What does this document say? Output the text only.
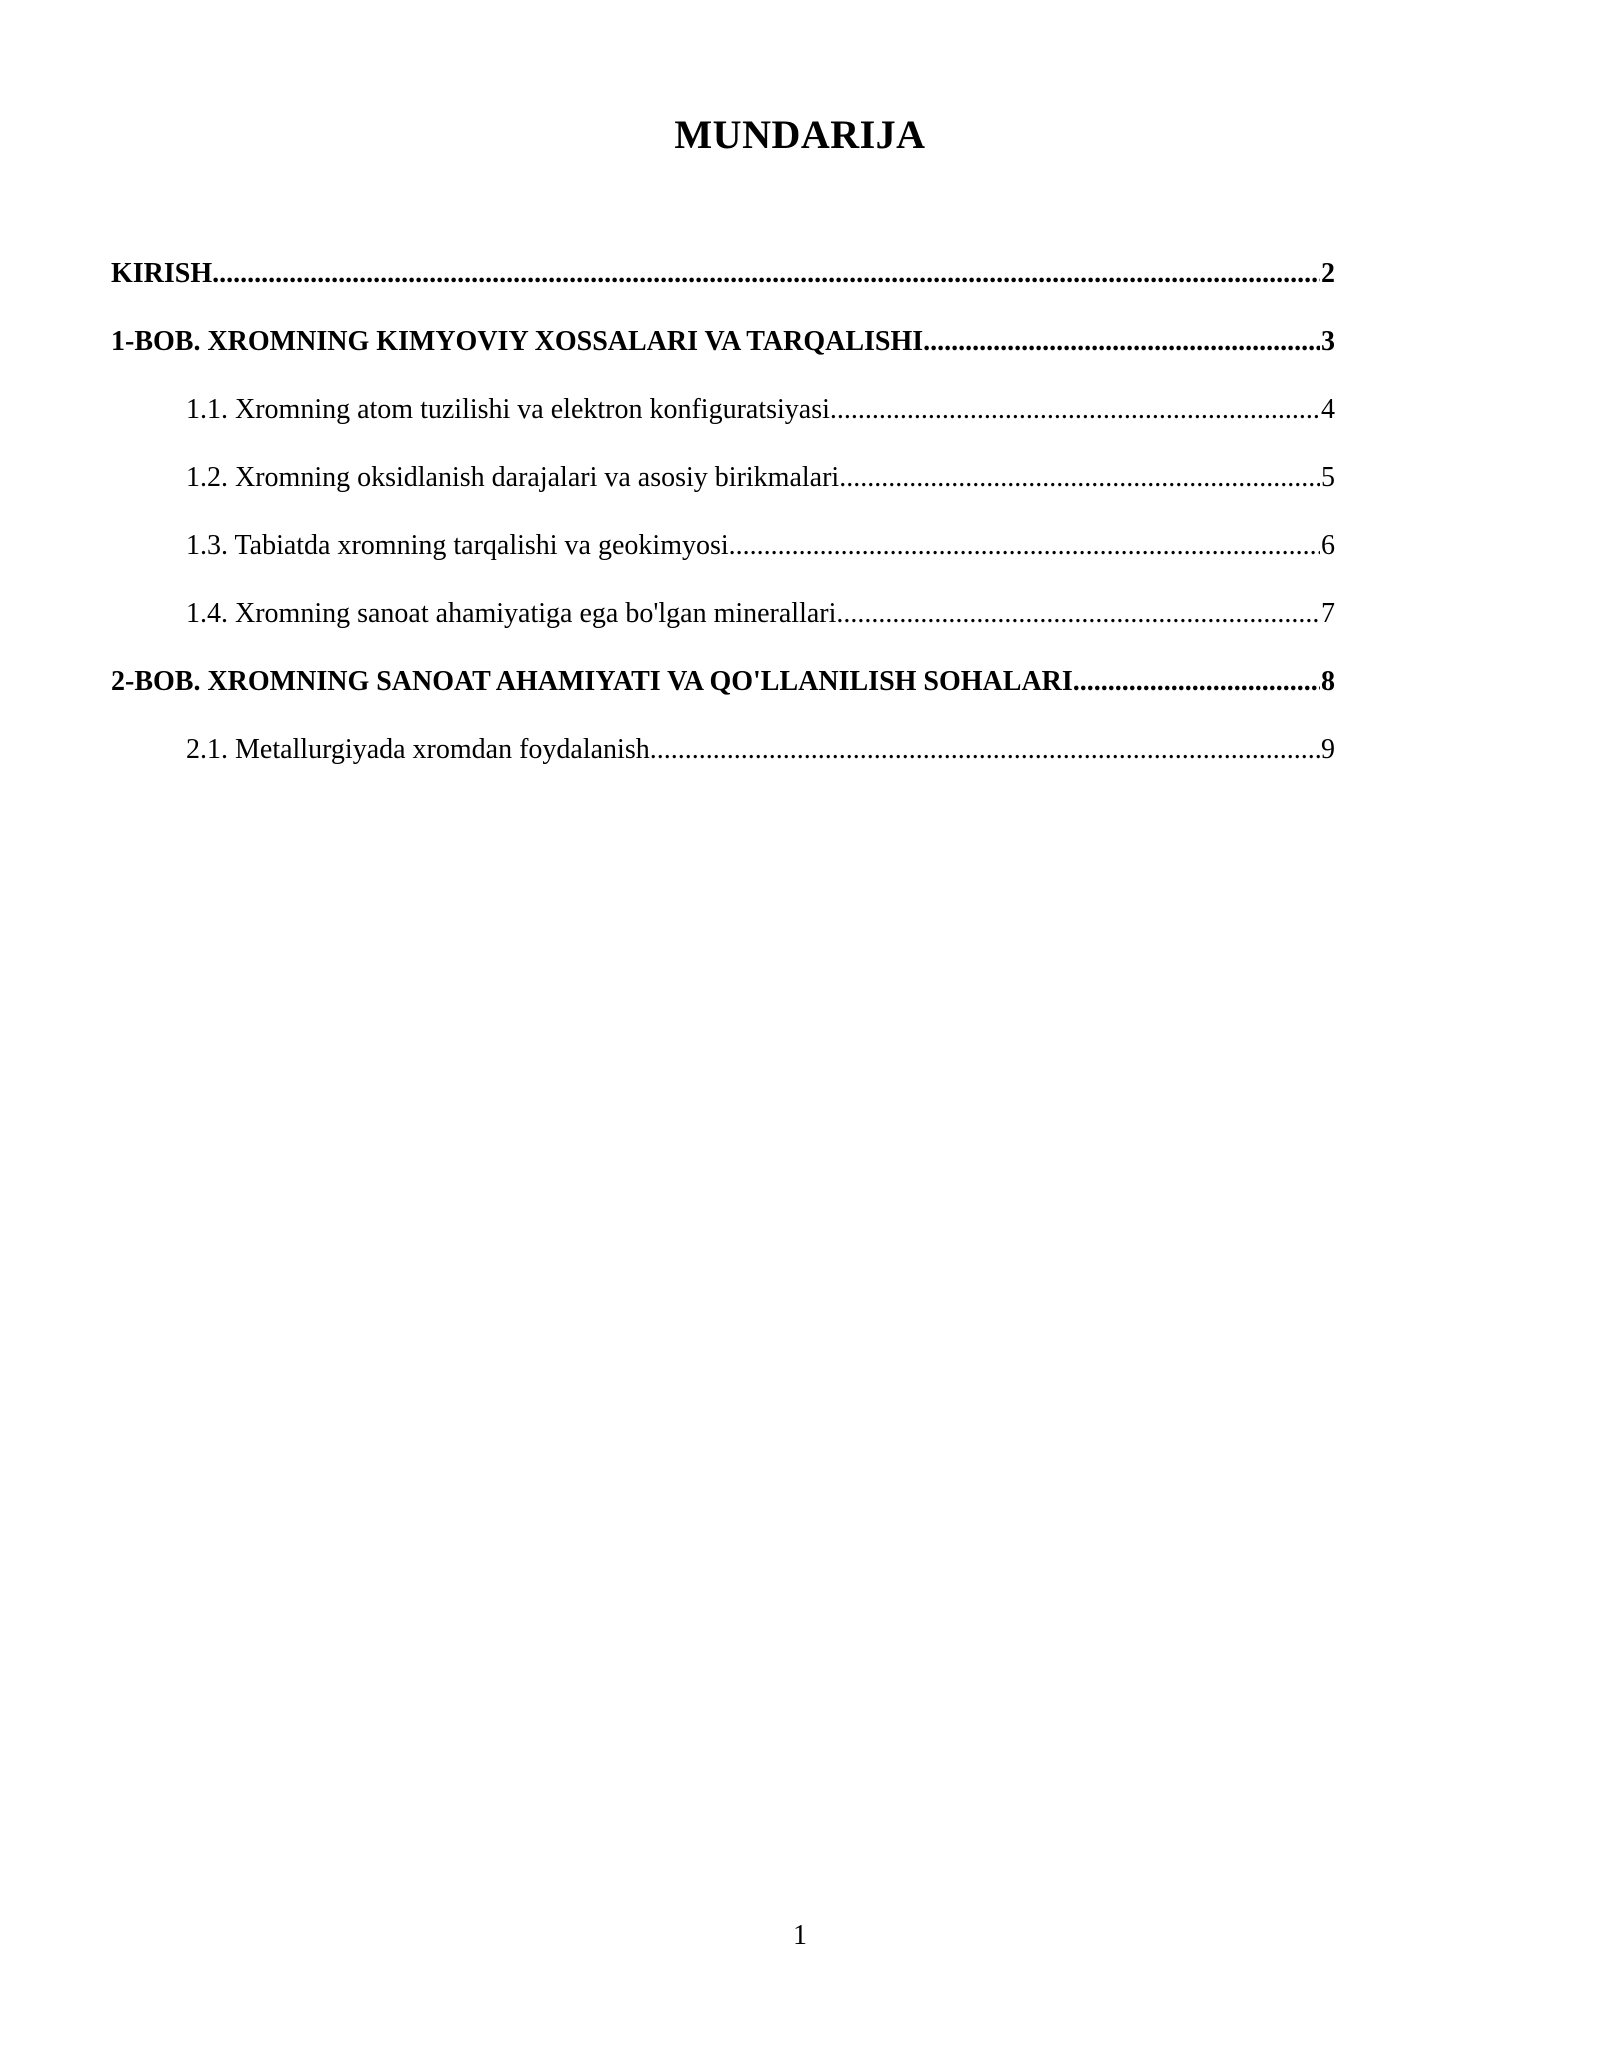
MUNDARIJA
KIRISH .....	2
1-BOB. XROMNING KIMYOVIY XOSSALARI VA TARQALISHI .....	3
1.1. Xromning atom tuzilishi va elektron konfiguratsiyasi .....	4
1.2. Xromning oksidlanish darajalari va asosiy birikmalari .....	5
1.3. Tabiatda xromning tarqalishi va geokimyosi .....	6
1.4. Xromning sanoat ahamiyatiga ega bo'lgan minerallari .....	7
2-BOB. XROMNING SANOAT AHAMIYATI VA QO'LLANILISH SOHALARI .....	8
2.1. Metallurgiyada xromdan foydalanish .....	9
1
